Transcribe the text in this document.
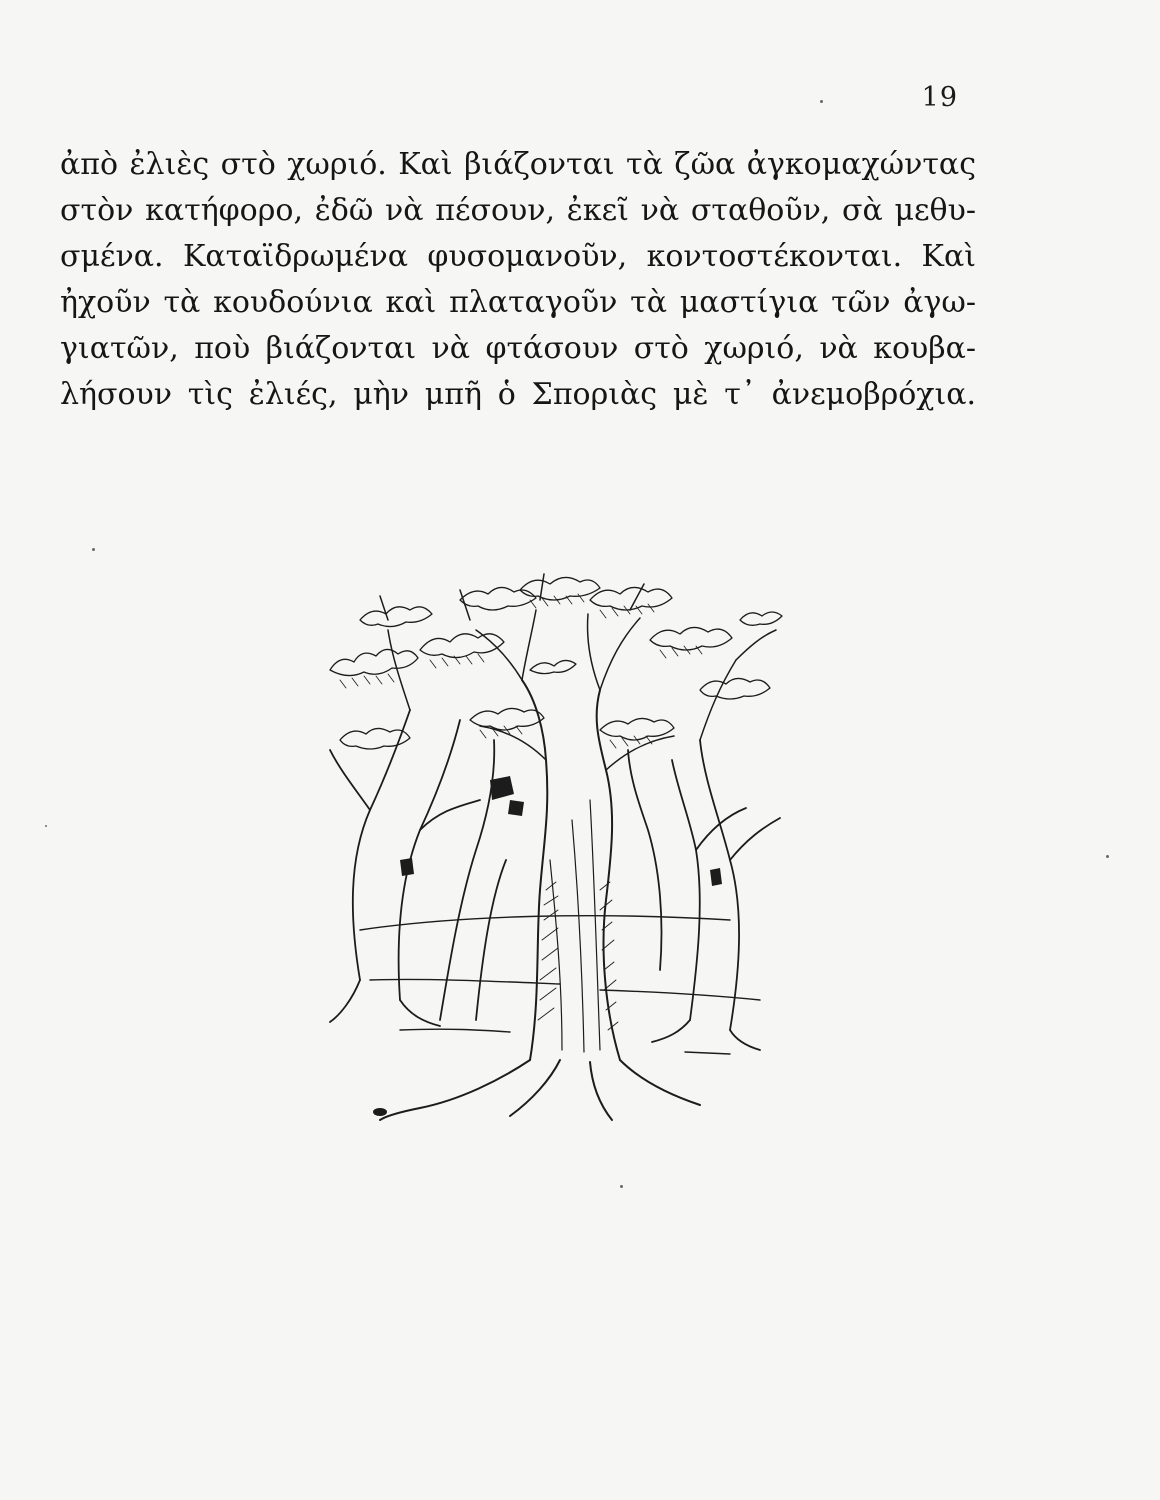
19
ἀπὸ ἐλιὲς στὸ χωριό. Καὶ βιάζονται τὰ ζῶα ἀγκομαχώντας
στὸν κατήφορο, ἐδῶ νὰ πέσουν, ἐκεῖ νὰ σταθοῦν, σὰ μεθυ-
σμένα. Καταϊδρωμένα φυσομανοῦν, κοντοστέκονται. Καὶ
ἠχοῦν τὰ κουδούνια καὶ πλαταγοῦν τὰ μαστίγια τῶν ἀγω-
γιατῶν, ποὺ βιάζονται νὰ φτάσουν στὸ χωριό, νὰ κουβα-
λήσουν τὶς ἐλιές, μὴν μπῆ ὁ Σποριὰς μὲ τ᾽ ἀνεμοβρόχια.
